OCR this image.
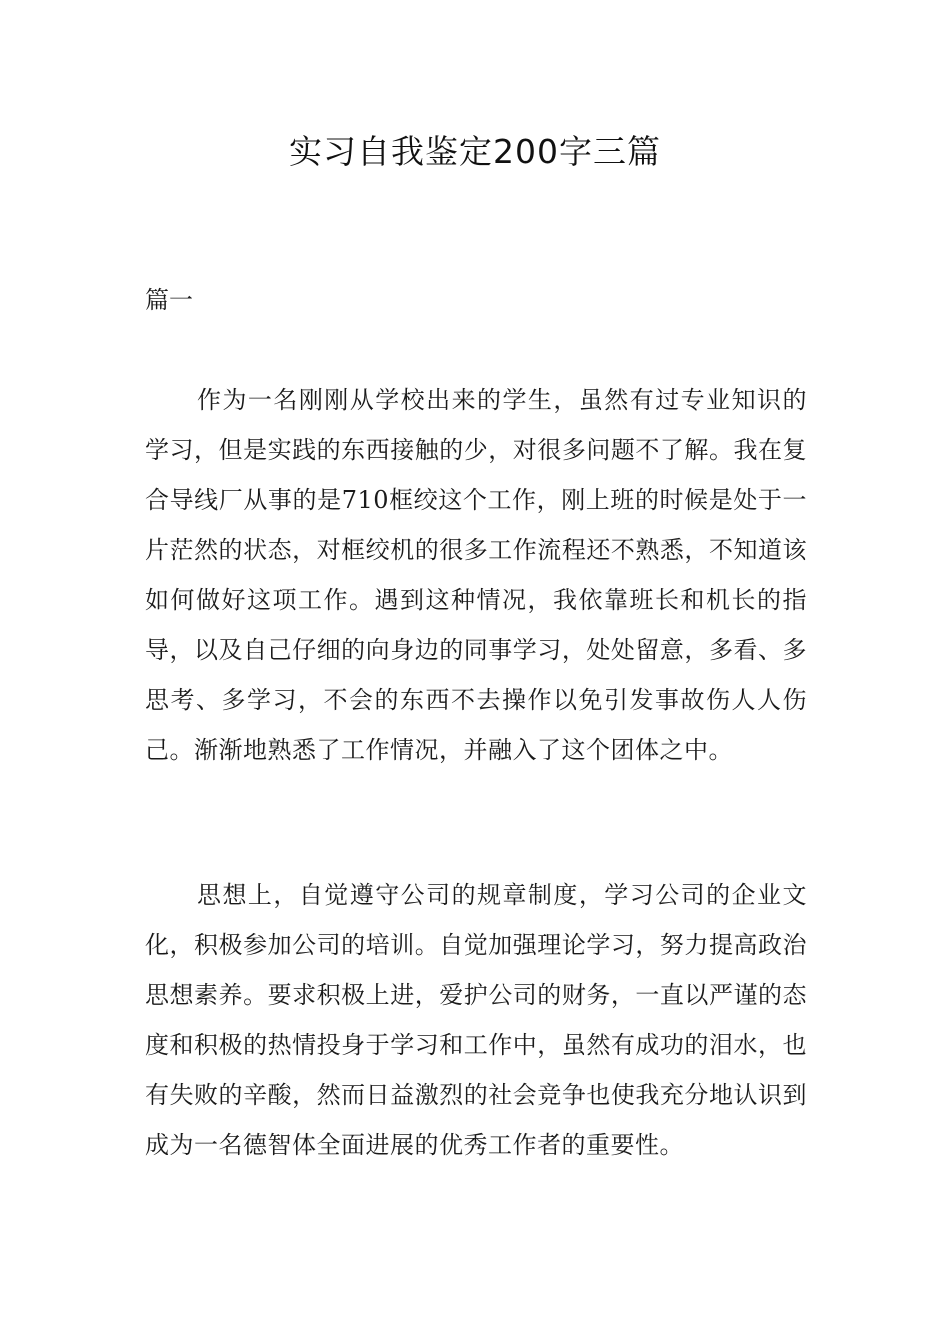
实习自我鉴定200字三篇
篇一

作为一名刚刚从学校出来的学生，虽然有过专业知识的学习，但是实践的东西接触的少，对很多问题不了解。我在复合导线厂从事的是710框绞这个工作，刚上班的时候是处于一片茫然的状态，对框绞机的很多工作流程还不熟悉，不知道该如何做好这项工作。遇到这种情况，我依靠班长和机长的指导，以及自己仔细的向身边的同事学习，处处留意，多看、多思考、多学习，不会的东西不去操作以免引发事故伤人人伤己。渐渐地熟悉了工作情况，并融入了这个团体之中。

思想上，自觉遵守公司的规章制度，学习公司的企业文化，积极参加公司的培训。自觉加强理论学习，努力提高政治思想素养。要求积极上进，爱护公司的财务，一直以严谨的态度和积极的热情投身于学习和工作中，虽然有成功的泪水，也有失败的辛酸，然而日益激烈的社会竞争也使我充分地认识到成为一名德智体全面进展的优秀工作者的重要性。
